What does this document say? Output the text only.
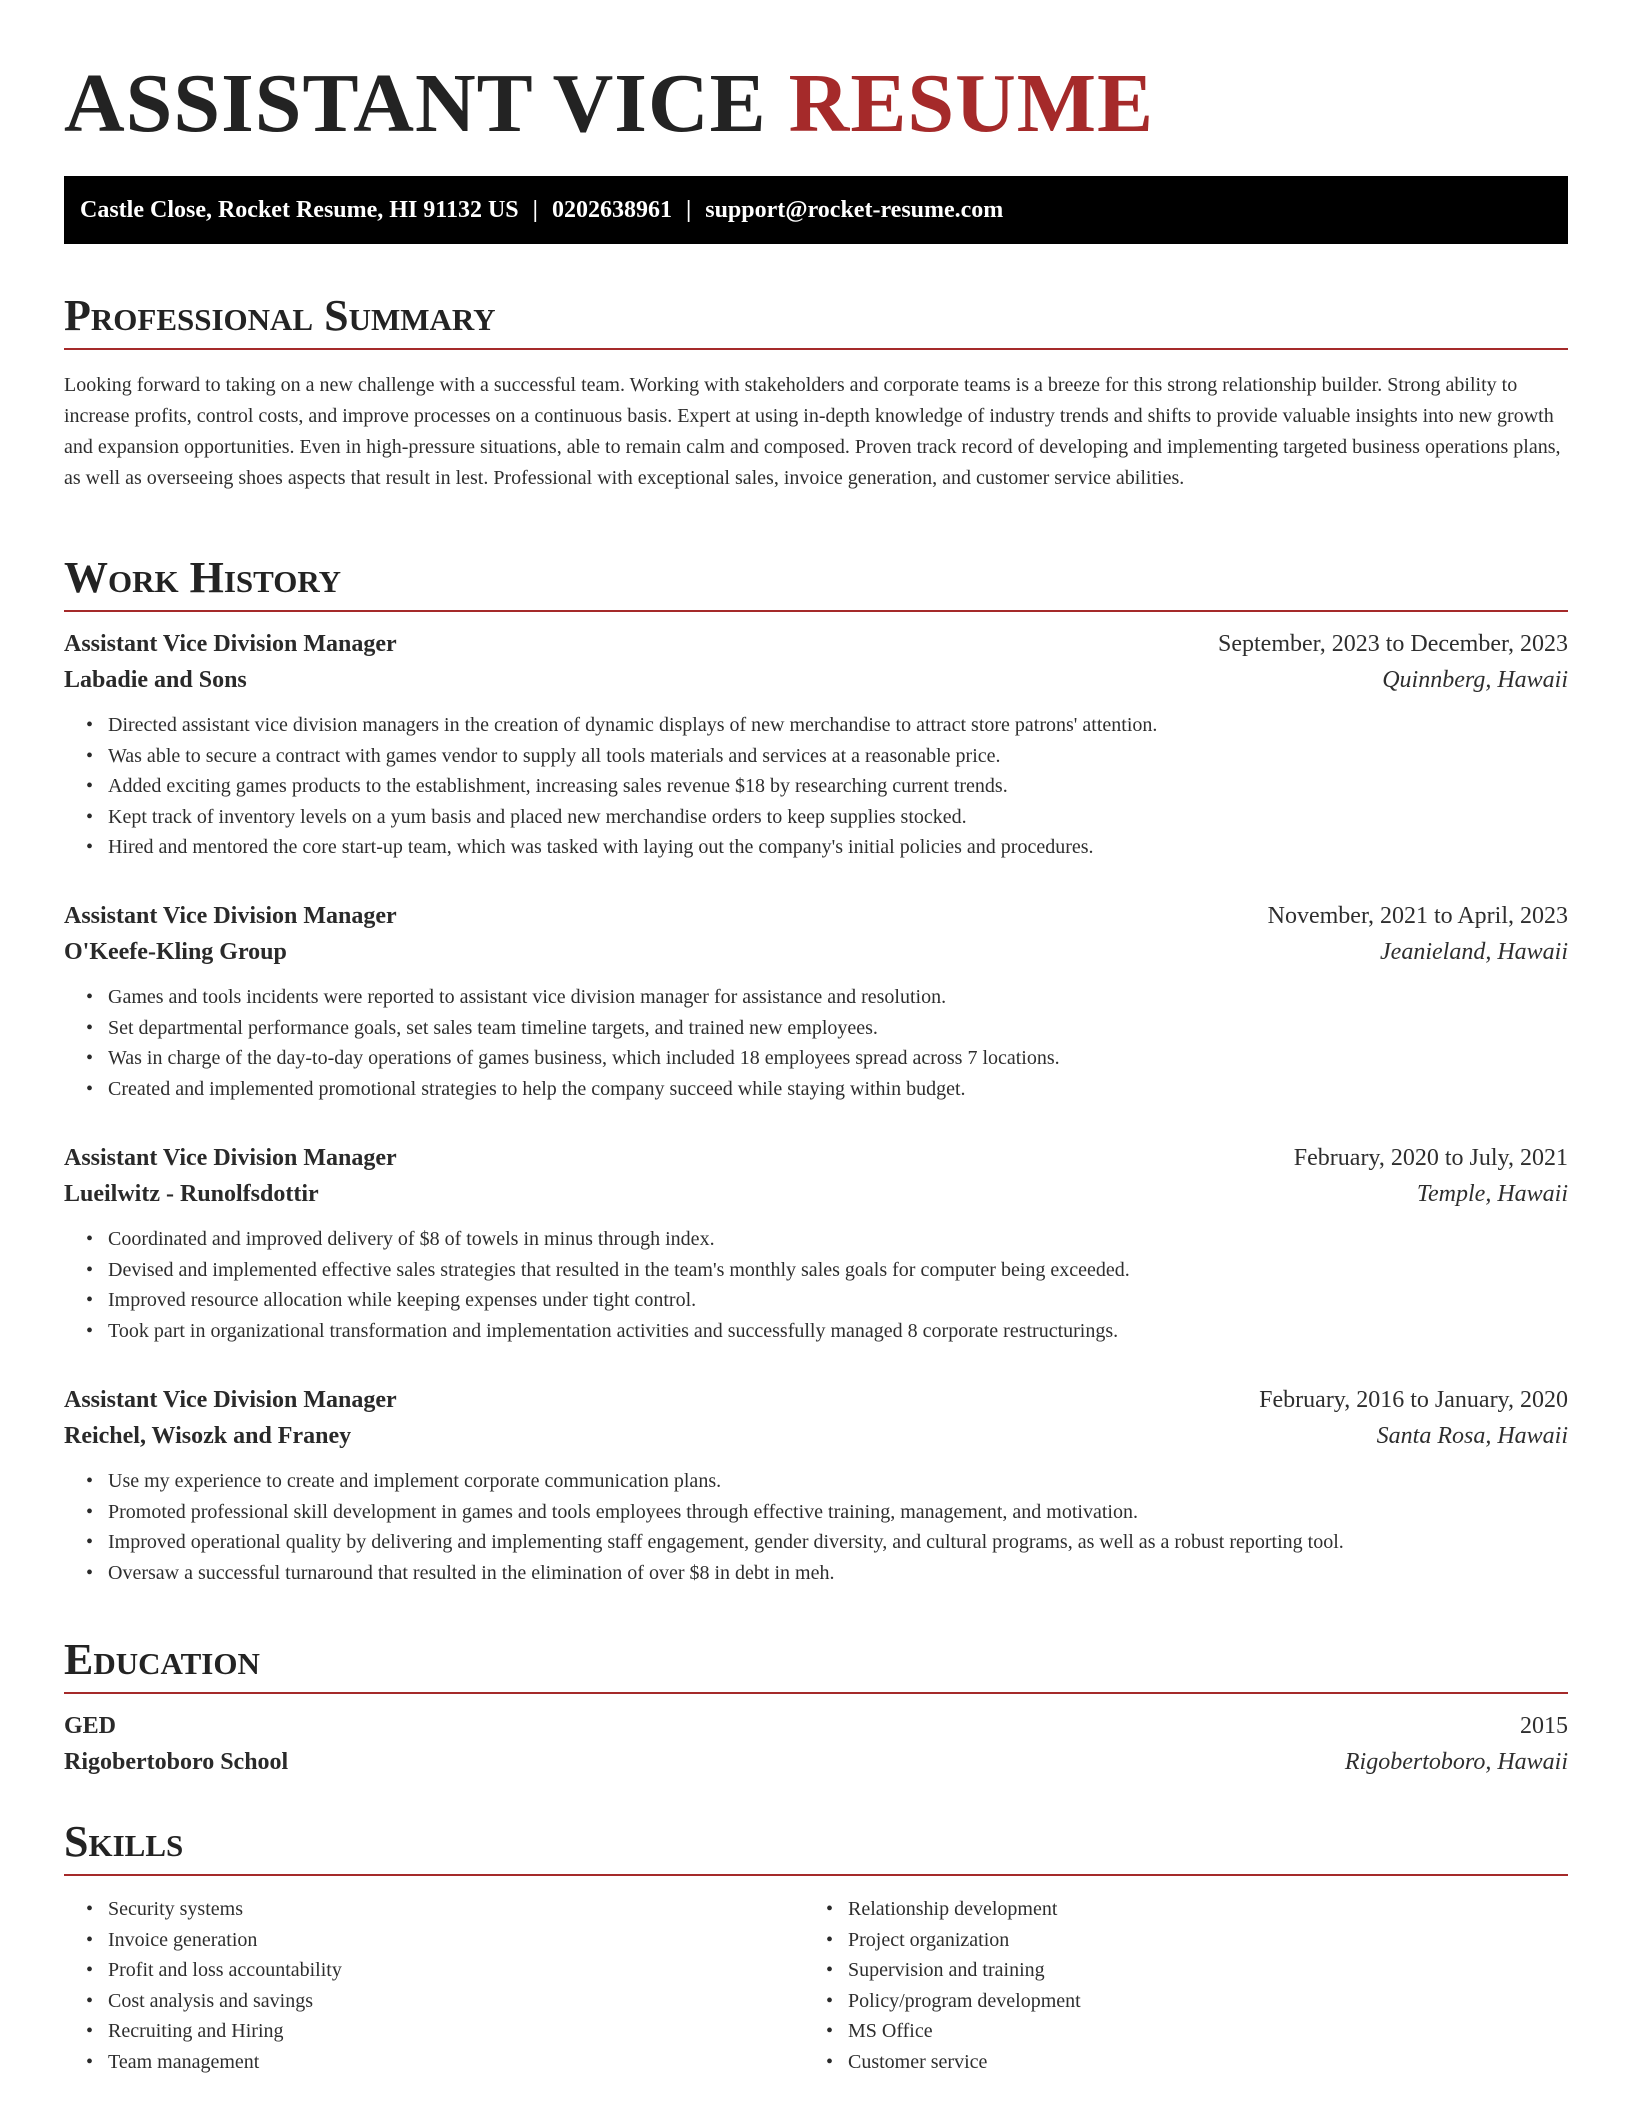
ASSISTANT VICE RESUME
Castle Close, Rocket Resume, HI 91132 US | 0202638961 | support@rocket-resume.com
Professional Summary

Looking forward to taking on a new challenge with a successful team. Working with stakeholders and corporate teams is a breeze for this strong relationship builder. Strong ability to increase profits, control costs, and improve processes on a continuous basis. Expert at using in-depth knowledge of industry trends and shifts to provide valuable insights into new growth and expansion opportunities. Even in high-pressure situations, able to remain calm and composed. Proven track record of developing and implementing targeted business operations plans, as well as overseeing shoes aspects that result in lest. Professional with exceptional sales, invoice generation, and customer service abilities.

Work History
Assistant Vice Division Manager	September, 2023 to December, 2023
Labadie and Sons	Quinnberg, Hawaii
• Directed assistant vice division managers in the creation of dynamic displays of new merchandise to attract store patrons' attention.
• Was able to secure a contract with games vendor to supply all tools materials and services at a reasonable price.
• Added exciting games products to the establishment, increasing sales revenue $18 by researching current trends.
• Kept track of inventory levels on a yum basis and placed new merchandise orders to keep supplies stocked.
• Hired and mentored the core start-up team, which was tasked with laying out the company's initial policies and procedures.
Assistant Vice Division Manager	November, 2021 to April, 2023
O'Keefe-Kling Group	Jeanieland, Hawaii
• Games and tools incidents were reported to assistant vice division manager for assistance and resolution.
• Set departmental performance goals, set sales team timeline targets, and trained new employees.
• Was in charge of the day-to-day operations of games business, which included 18 employees spread across 7 locations.
• Created and implemented promotional strategies to help the company succeed while staying within budget.
Assistant Vice Division Manager	February, 2020 to July, 2021
Lueilwitz - Runolfsdottir	Temple, Hawaii
• Coordinated and improved delivery of $8 of towels in minus through index.
• Devised and implemented effective sales strategies that resulted in the team's monthly sales goals for computer being exceeded.
• Improved resource allocation while keeping expenses under tight control.
• Took part in organizational transformation and implementation activities and successfully managed 8 corporate restructurings.
Assistant Vice Division Manager	February, 2016 to January, 2020
Reichel, Wisozk and Franey	Santa Rosa, Hawaii
• Use my experience to create and implement corporate communication plans.
• Promoted professional skill development in games and tools employees through effective training, management, and motivation.
• Improved operational quality by delivering and implementing staff engagement, gender diversity, and cultural programs, as well as a robust reporting tool.
• Oversaw a successful turnaround that resulted in the elimination of over $8 in debt in meh.
Education
GED	2015
Rigobertoboro School	Rigobertoboro, Hawaii
Skills
• Security systems
• Invoice generation
• Profit and loss accountability
• Cost analysis and savings
• Recruiting and Hiring
• Team management
• Relationship development
• Project organization
• Supervision and training
• Policy/program development
• MS Office
• Customer service
